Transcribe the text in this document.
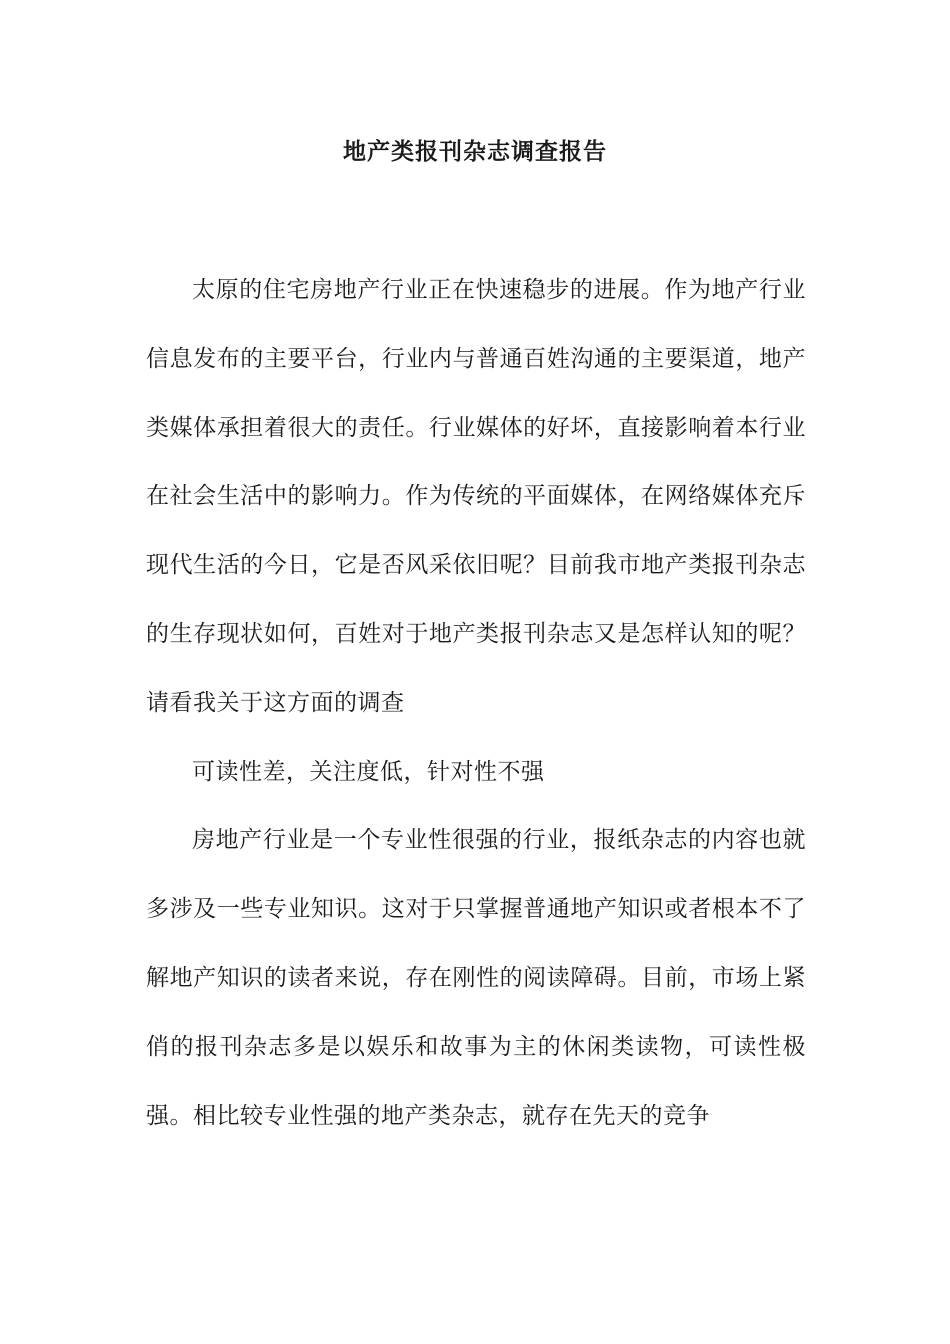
地产类报刊杂志调查报告

太原的住宅房地产行业正在快速稳步的进展。作为地产行业信息发布的主要平台，行业内与普通百姓沟通的主要渠道，地产类媒体承担着很大的责任。行业媒体的好坏，直接影响着本行业在社会生活中的影响力。作为传统的平面媒体，在网络媒体充斥现代生活的今日，它是否风采依旧呢？目前我市地产类报刊杂志的生存现状如何，百姓对于地产类报刊杂志又是怎样认知的呢？请看我关于这方面的调查

可读性差，关注度低，针对性不强

房地产行业是一个专业性很强的行业，报纸杂志的内容也就多涉及一些专业知识。这对于只掌握普通地产知识或者根本不了解地产知识的读者来说，存在刚性的阅读障碍。目前，市场上紧俏的报刊杂志多是以娱乐和故事为主的休闲类读物，可读性极强。相比较专业性强的地产类杂志，就存在先天的竞争
